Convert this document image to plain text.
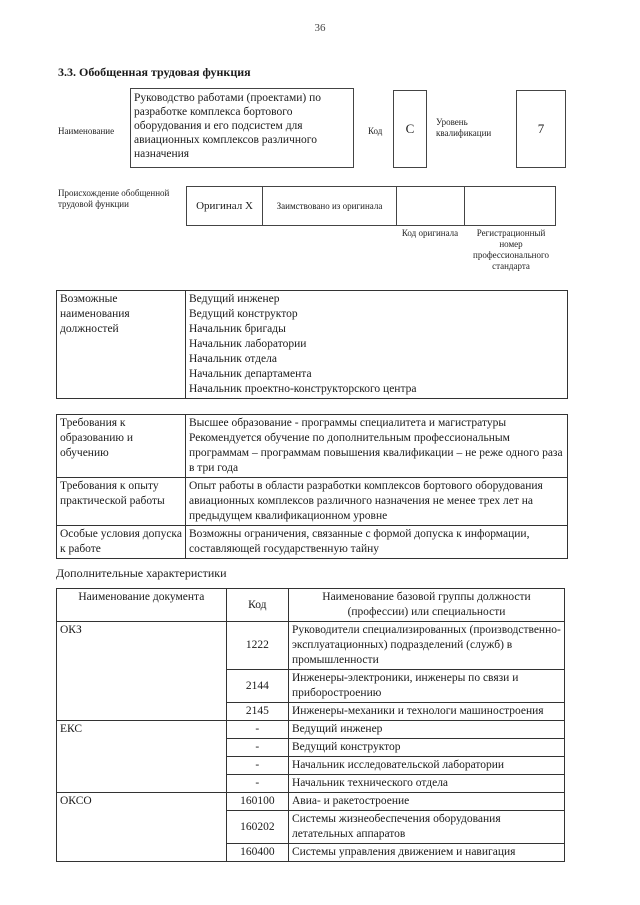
36
3.3. Обобщенная трудовая функция
Наименование
Руководство работами (проектами) по разработке комплекса бортового оборудования и его подсистем для авиационных комплексов различного назначения
Код	С	Уровень квалификации	7
Происхождение обобщенной трудовой функции	Оригинал Х	Заимствовано из оригинала
Код оригинала	Регистрационный номер профессионального стандарта
Возможные наименования должностей	
Ведущий инженер
Ведущий конструктор
Начальник бригады
Начальник лаборатории
Начальник отдела
Начальник департамента
Начальник проектно-конструкторского центра
Требования к образованию и обучению	Высшее образование - программы специалитета и магистратуры
Рекомендуется обучение по дополнительным профессиональным программам – программам повышения квалификации – не реже одного раза в три года

Требования к опыту практической работы	Опыт работы в области разработки комплексов бортового оборудования авиационных комплексов различного назначения не менее трех лет на предыдущем квалификационном уровне
Особые условия допуска к работе	Возможны ограничения, связанные с формой допуска к информации, составляющей государственную тайну
Дополнительные характеристики
Наименование документа	Код	Наименование базовой группы должности (профессии) или специальности
ОКЗ	1222	Руководители специализированных (производственно- эксплуатационных) подразделений (служб) в промышленности
	2144	Инженеры-электроники, инженеры по связи и приборостроению
	2145	Инженеры-механики и технологи машиностроения
ЕКС	-	Ведущий инженер
	-	Ведущий конструктор
	-	Начальник исследовательской лаборатории
	-	Начальник технического отдела
ОКСО	160100	Авиа- и ракетостроение
	160202	Системы жизнеобеспечения оборудования летательных аппаратов
	160400	Системы управления движением и навигация
